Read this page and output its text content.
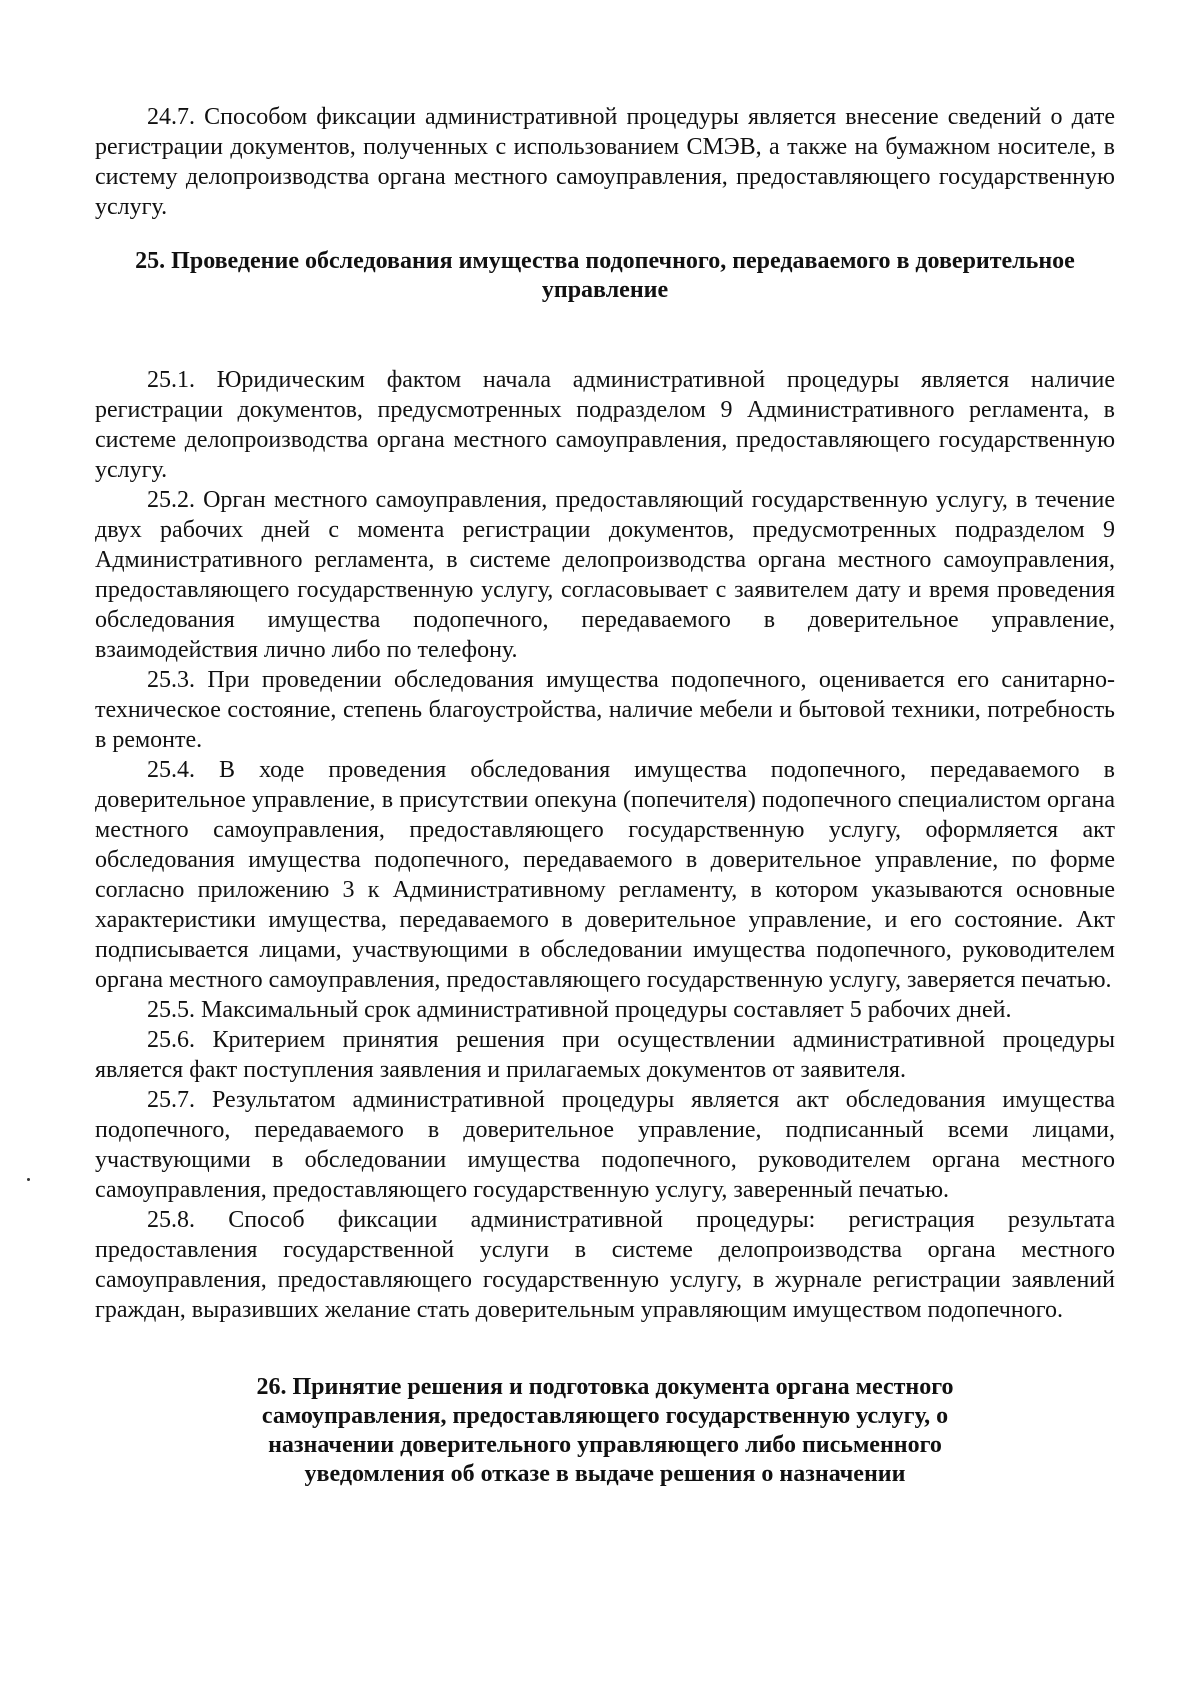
24.7. Способом фиксации административной процедуры является внесение сведений о дате регистрации документов, полученных с использованием СМЭВ, а также на бумажном носителе, в систему делопроизводства органа местного самоуправления, предоставляющего государственную услугу.

25. Проведение обследования имущества подопечного, передаваемого в доверительное управление

25.1. Юридическим фактом начала административной процедуры является наличие регистрации документов, предусмотренных подразделом 9 Административного регламента, в системе делопроизводства органа местного самоуправления, предоставляющего государственную услугу.

25.2. Орган местного самоуправления, предоставляющий государственную услугу, в течение двух рабочих дней с момента регистрации документов, предусмотренных подразделом 9 Административного регламента, в системе делопроизводства органа местного самоуправления, предоставляющего государственную услугу, согласовывает с заявителем дату и время проведения обследования имущества подопечного, передаваемого в доверительное управление, взаимодействия лично либо по телефону.

25.3. При проведении обследования имущества подопечного, оценивается его санитарно-техническое состояние, степень благоустройства, наличие мебели и бытовой техники, потребность в ремонте.

25.4. В ходе проведения обследования имущества подопечного, передаваемого в доверительное управление, в присутствии опекуна (попечителя) подопечного специалистом органа местного самоуправления, предоставляющего государственную услугу, оформляется акт обследования имущества подопечного, передаваемого в доверительное управление, по форме согласно приложению 3 к Административному регламенту, в котором указываются основные характеристики имущества, передаваемого в доверительное управление, и его состояние. Акт подписывается лицами, участвующими в обследовании имущества подопечного, руководителем органа местного самоуправления, предоставляющего государственную услугу, заверяется печатью.

25.5. Максимальный срок административной процедуры составляет 5 рабочих дней.

25.6. Критерием принятия решения при осуществлении административной процедуры является факт поступления заявления и прилагаемых документов от заявителя.

25.7. Результатом административной процедуры является акт обследования имущества подопечного, передаваемого в доверительное управление, подписанный всеми лицами, участвующими в обследовании имущества подопечного, руководителем органа местного самоуправления, предоставляющего государственную услугу, заверенный печатью.

25.8. Способ фиксации административной процедуры: регистрация результата предоставления государственной услуги в системе делопроизводства органа местного самоуправления, предоставляющего государственную услугу, в журнале регистрации заявлений граждан, выразивших желание стать доверительным управляющим имуществом подопечного.

26. Принятие решения и подготовка документа органа местного самоуправления, предоставляющего государственную услугу, о назначении доверительного управляющего либо письменного уведомления об отказе в выдаче решения о назначении
